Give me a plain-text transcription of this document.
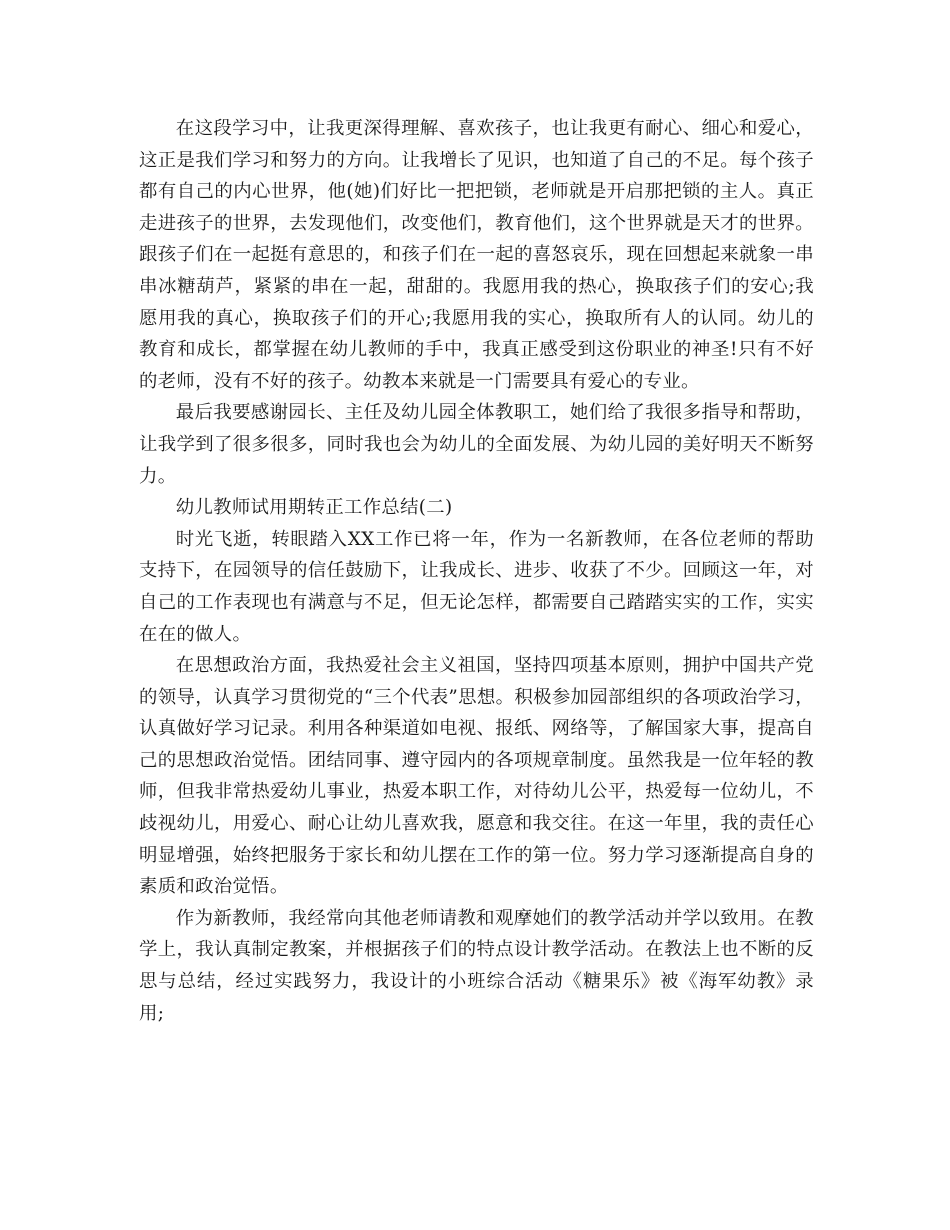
在这段学习中，让我更深得理解、喜欢孩子，也让我更有耐心、细心和爱心，这正是我们学习和努力的方向。让我增长了见识，也知道了自己的不足。每个孩子都有自己的内心世界，他(她)们好比一把把锁，老师就是开启那把锁的主人。真正走进孩子的世界，去发现他们，改变他们，教育他们，这个世界就是天才的世界。跟孩子们在一起挺有意思的，和孩子们在一起的喜怒哀乐，现在回想起来就象一串串冰糖葫芦，紧紧的串在一起，甜甜的。我愿用我的热心，换取孩子们的安心;我愿用我的真心，换取孩子们的开心;我愿用我的实心，换取所有人的认同。幼儿的教育和成长，都掌握在幼儿教师的手中，我真正感受到这份职业的神圣!只有不好的老师，没有不好的孩子。幼教本来就是一门需要具有爱心的专业。

最后我要感谢园长、主任及幼儿园全体教职工，她们给了我很多指导和帮助，让我学到了很多很多，同时我也会为幼儿的全面发展、为幼儿园的美好明天不断努力。

幼儿教师试用期转正工作总结(二)

时光飞逝，转眼踏入XX工作已将一年，作为一名新教师，在各位老师的帮助支持下，在园领导的信任鼓励下，让我成长、进步、收获了不少。回顾这一年，对自己的工作表现也有满意与不足，但无论怎样，都需要自己踏踏实实的工作，实实在在的做人。

在思想政治方面，我热爱社会主义祖国，坚持四项基本原则，拥护中国共产党的领导，认真学习贯彻党的“三个代表”思想。积极参加园部组织的各项政治学习，认真做好学习记录。利用各种渠道如电视、报纸、网络等，了解国家大事，提高自己的思想政治觉悟。团结同事、遵守园内的各项规章制度。虽然我是一位年轻的教师，但我非常热爱幼儿事业，热爱本职工作，对待幼儿公平，热爱每一位幼儿，不歧视幼儿，用爱心、耐心让幼儿喜欢我，愿意和我交往。在这一年里，我的责任心明显增强，始终把服务于家长和幼儿摆在工作的第一位。努力学习逐渐提高自身的素质和政治觉悟。

作为新教师，我经常向其他老师请教和观摩她们的教学活动并学以致用。在教学上，我认真制定教案，并根据孩子们的特点设计教学活动。在教法上也不断的反思与总结，经过实践努力，我设计的小班综合活动《糖果乐》被《海军幼教》录用;
